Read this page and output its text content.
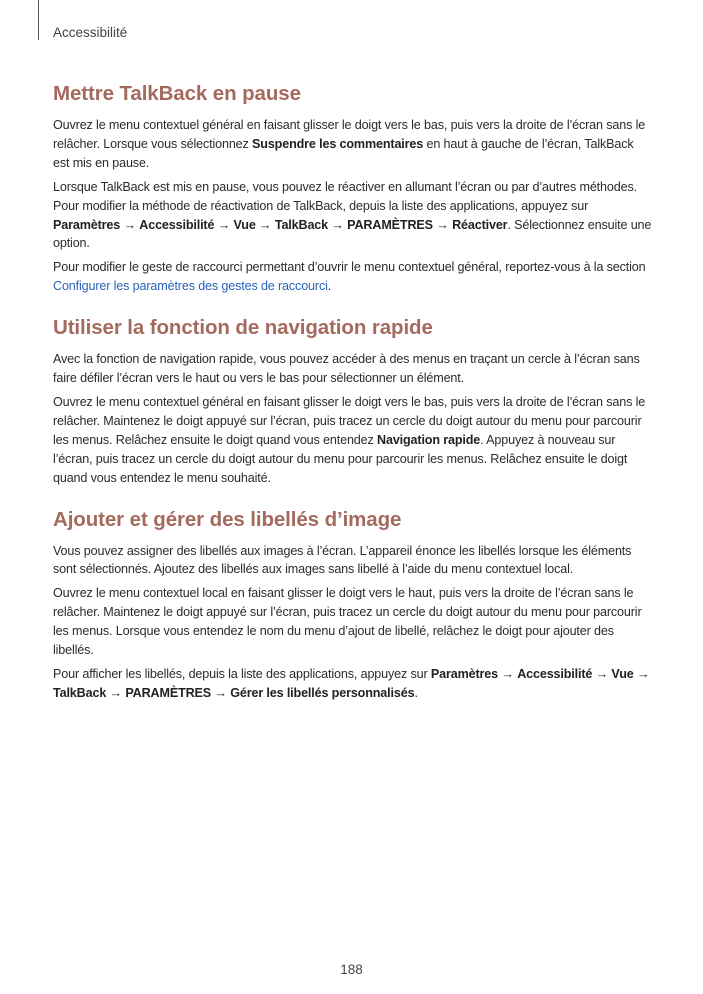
Accessibilité
Mettre TalkBack en pause

Ouvrez le menu contextuel général en faisant glisser le doigt vers le bas, puis vers la droite de l’écran sans le relâcher. Lorsque vous sélectionnez Suspendre les commentaires en haut à gauche de l’écran, TalkBack est mis en pause.

Lorsque TalkBack est mis en pause, vous pouvez le réactiver en allumant l’écran ou par d’autres méthodes. Pour modifier la méthode de réactivation de TalkBack, depuis la liste des applications, appuyez sur Paramètres → Accessibilité → Vue → TalkBack → PARAMÈTRES → Réactiver. Sélectionnez ensuite une option.

Pour modifier le geste de raccourci permettant d’ouvrir le menu contextuel général, reportez-vous à la section Configurer les paramètres des gestes de raccourci.

Utiliser la fonction de navigation rapide

Avec la fonction de navigation rapide, vous pouvez accéder à des menus en traçant un cercle à l’écran sans faire défiler l’écran vers le haut ou vers le bas pour sélectionner un élément.

Ouvrez le menu contextuel général en faisant glisser le doigt vers le bas, puis vers la droite de l’écran sans le relâcher. Maintenez le doigt appuyé sur l’écran, puis tracez un cercle du doigt autour du menu pour parcourir les menus. Relâchez ensuite le doigt quand vous entendez Navigation rapide. Appuyez à nouveau sur l’écran, puis tracez un cercle du doigt autour du menu pour parcourir les menus. Relâchez ensuite le doigt quand vous entendez le menu souhaité.

Ajouter et gérer des libellés d’image

Vous pouvez assigner des libellés aux images à l’écran. L’appareil énonce les libellés lorsque les éléments sont sélectionnés. Ajoutez des libellés aux images sans libellé à l’aide du menu contextuel local.

Ouvrez le menu contextuel local en faisant glisser le doigt vers le haut, puis vers la droite de l’écran sans le relâcher. Maintenez le doigt appuyé sur l’écran, puis tracez un cercle du doigt autour du menu pour parcourir les menus. Lorsque vous entendez le nom du menu d’ajout de libellé, relâchez le doigt pour ajouter des libellés.

Pour afficher les libellés, depuis la liste des applications, appuyez sur Paramètres → Accessibilité → Vue → TalkBack → PARAMÈTRES → Gérer les libellés personnalisés.

188
